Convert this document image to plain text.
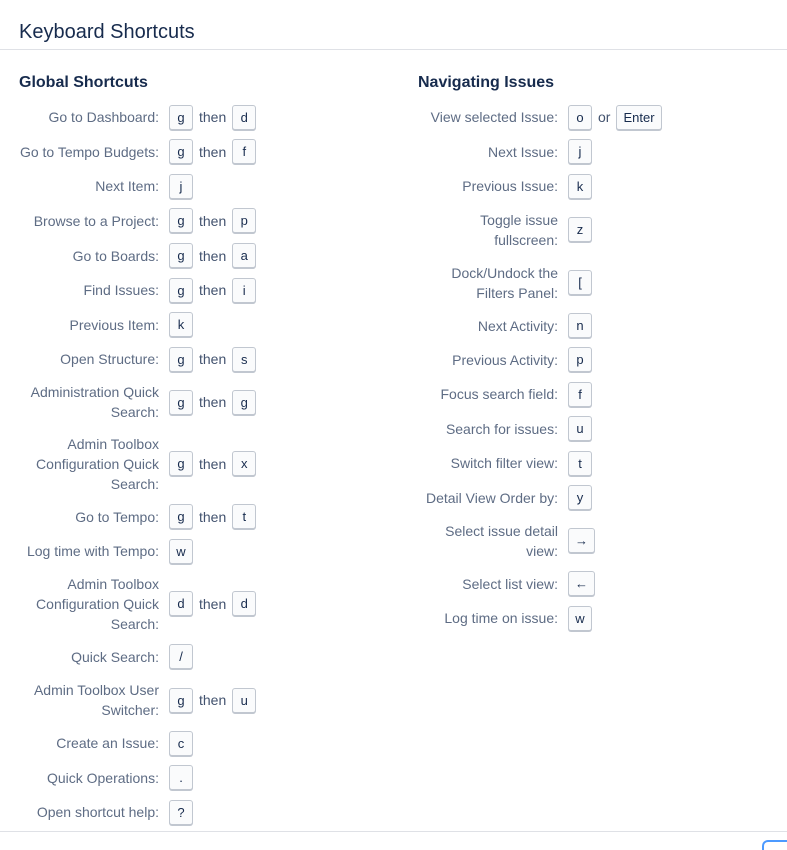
Keyboard Shortcuts
Global Shortcuts
Go to Dashboard:	g	then	d
Go to Tempo Budgets:	g	then	f
Next Item:	j
Browse to a Project:	g	then	p
Go to Boards:	g	then	a
Find Issues:	g	then	i
Previous Item:	k
Open Structure:	g	then	s
Administration Quick Search:
g	then	g
Admin Toolbox Configuration Quick Search:
g	then	x
Go to Tempo:	g	then	t
Log time with Tempo:	w
Admin Toolbox Configuration Quick Search:
d	then	d
Quick Search:	/
Admin Toolbox User Switcher:
g	then	u
Create an Issue:	c
Quick Operations:	.
Open shortcut help:	?
Navigating Issues
View selected Issue:	o	or	Enter
Next Issue:	j
Previous Issue:	k
Toggle issue fullscreen:
z
Dock/Undock the Filters Panel:
[
Next Activity:	n
Previous Activity:	p
Focus search field:	f
Search for issues:	u
Switch filter view:	t
Detail View Order by:	y
Select issue detail view:
→
Select list view:	←
Log time on issue:	w
